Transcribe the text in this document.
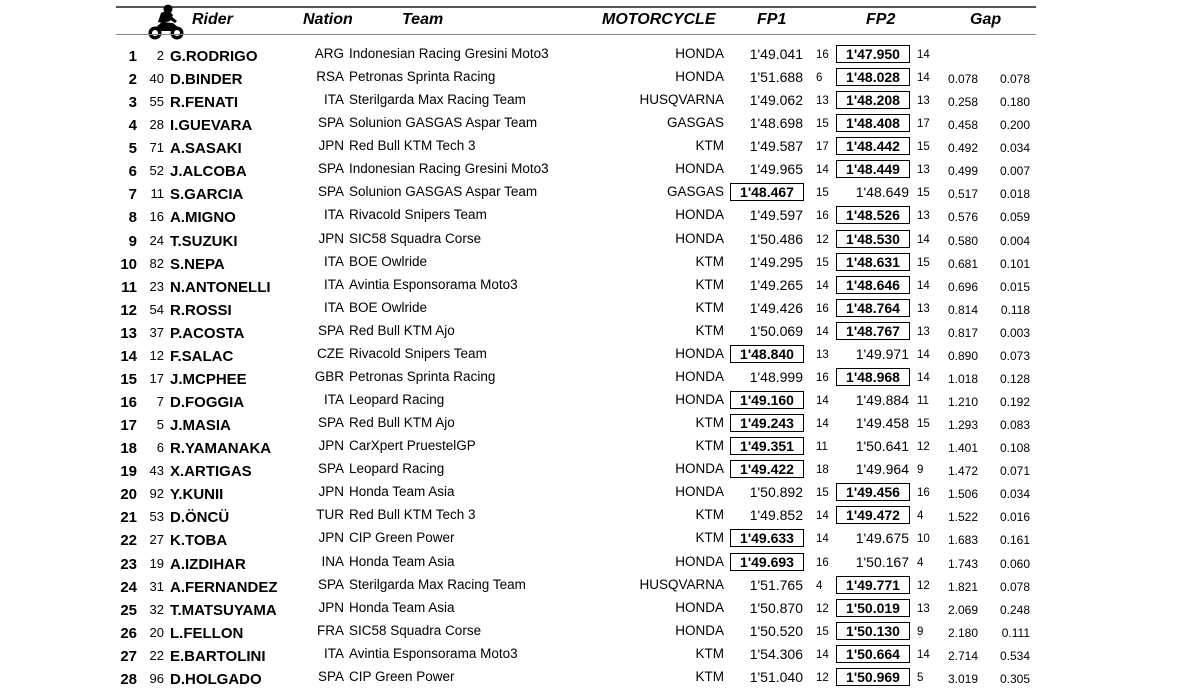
Rider	Nation	Team	MOTORCYCLE	FP1	FP2	Gap
1 2 G.RODRIGO	ARG Indonesian Racing Gresini Moto3	HONDA 1'49.041 16	1'47.950	14
2 40 D.BINDER	RSA Petronas Sprinta Racing	HONDA 1'51.688 6	1'48.028	14 0.078 0.078
3 55 R.FENATI	ITA Sterilgarda Max Racing Team	HUSQVARNA 1'49.062 13	1'48.208	13 0.258 0.180
4 28 I.GUEVARA	SPA Solunion GASGAS Aspar Team	GASGAS 1'48.698 15	1'48.408	17 0.458 0.200
5 71 A.SASAKI	JPN Red Bull KTM Tech 3	KTM 1'49.587 17	1'48.442	15 0.492 0.034
6 52 J.ALCOBA	SPA Indonesian Racing Gresini Moto3	HONDA 1'49.965 14	1'48.449	13 0.499 0.007
7 11 S.GARCIA	SPA Solunion GASGAS Aspar Team	GASGAS	1'48.467	15 1'48.649 15 0.517 0.018
8 16 A.MIGNO	ITA Rivacold Snipers Team	HONDA 1'49.597 16	1'48.526	13 0.576 0.059
9 24 T.SUZUKI	JPN SIC58 Squadra Corse	HONDA 1'50.486 12	1'48.530	14 0.580 0.004
10 82 S.NEPA	ITA BOE Owlride	KTM 1'49.295 15	1'48.631	15 0.681 0.101
11 23 N.ANTONELLI	ITA Avintia Esponsorama Moto3	KTM 1'49.265 14	1'48.646	14 0.696 0.015
12 54 R.ROSSI	ITA BOE Owlride	KTM 1'49.426 16	1'48.764	13 0.814 0.118
13 37 P.ACOSTA	SPA Red Bull KTM Ajo	KTM 1'50.069 14	1'48.767	13 0.817 0.003
14 12 F.SALAC	CZE Rivacold Snipers Team	HONDA	1'48.840	13 1'49.971 14 0.890 0.073
15 17 J.MCPHEE	GBR Petronas Sprinta Racing	HONDA 1'48.999 16	1'48.968	14 1.018 0.128
16 7 D.FOGGIA	ITA Leopard Racing	HONDA	1'49.160	14 1'49.884 11 1.210 0.192
17 5 J.MASIA	SPA Red Bull KTM Ajo	KTM	1'49.243	14 1'49.458 15 1.293 0.083
18 6 R.YAMANAKA	JPN CarXpert PruestelGP	KTM	1'49.351	11 1'50.641 12 1.401 0.108
19 43 X.ARTIGAS	SPA Leopard Racing	HONDA	1'49.422	18 1'49.964 9 1.472 0.071
20 92 Y.KUNII	JPN Honda Team Asia	HONDA 1'50.892 15	1'49.456	16 1.506 0.034
21 53 D.ÖNCÜ	TUR Red Bull KTM Tech 3	KTM 1'49.852 14	1'49.472	4 1.522 0.016
22 27 K.TOBA	JPN CIP Green Power	KTM	1'49.633	14 1'49.675 10 1.683 0.161
23 19 A.IZDIHAR	INA Honda Team Asia	HONDA	1'49.693	16 1'50.167 4 1.743 0.060
24 31 A.FERNANDEZ	SPA Sterilgarda Max Racing Team	HUSQVARNA 1'51.765 4	1'49.771	12 1.821 0.078
25 32 T.MATSUYAMA	JPN Honda Team Asia	HONDA 1'50.870 12	1'50.019	13 2.069 0.248
26 20 L.FELLON	FRA SIC58 Squadra Corse	HONDA 1'50.520 15	1'50.130	9 2.180 0.111
27 22 E.BARTOLINI	ITA Avintia Esponsorama Moto3	KTM 1'54.306 14	1'50.664	14 2.714 0.534
28 96 D.HOLGADO	SPA CIP Green Power	KTM 1'51.040 12	1'50.969	5 3.019 0.305
